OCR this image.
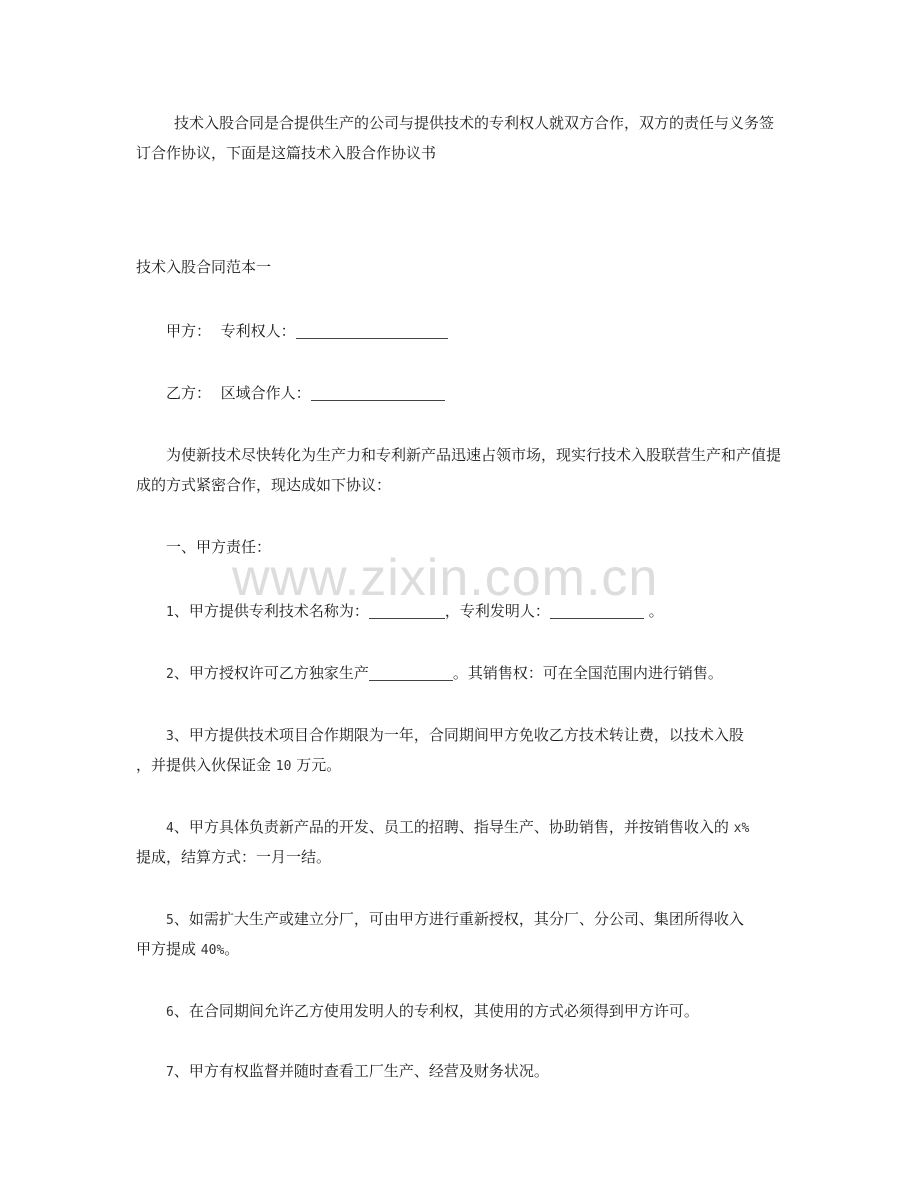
www.zixin.com.cn

技术入股合同是合提供生产的公司与提供技术的专利权人就双方合作，双方的责任与义务签订合作协议，下面是这篇技术入股合作协议书

技术入股合同范本一

甲方： 专利权人：

乙方： 区域合作人：

为使新技术尽快转化为生产力和专利新产品迅速占领市场，现实行技术入股联营生产和产值提成的方式紧密合作，现达成如下协议：

一、甲方责任：

1、甲方提供专利技术名称为：	，专利发明人：	。

2、甲方授权许可乙方独家生产	。其销售权：可在全国范围内进行销售。

3、甲方提供技术项目合作期限为一年，合同期间甲方免收乙方技术转让费，以技术入股

，并提供入伙保证金 10 万元。

4、甲方具体负责新产品的开发、员工的招聘、指导生产、协助销售，并按销售收入的 x%

提成，结算方式：一月一结。

5、如需扩大生产或建立分厂，可由甲方进行重新授权，其分厂、分公司、集团所得收入

甲方提成 40%。

6、在合同期间允许乙方使用发明人的专利权，其使用的方式必须得到甲方许可。

7、甲方有权监督并随时查看工厂生产、经营及财务状况。
